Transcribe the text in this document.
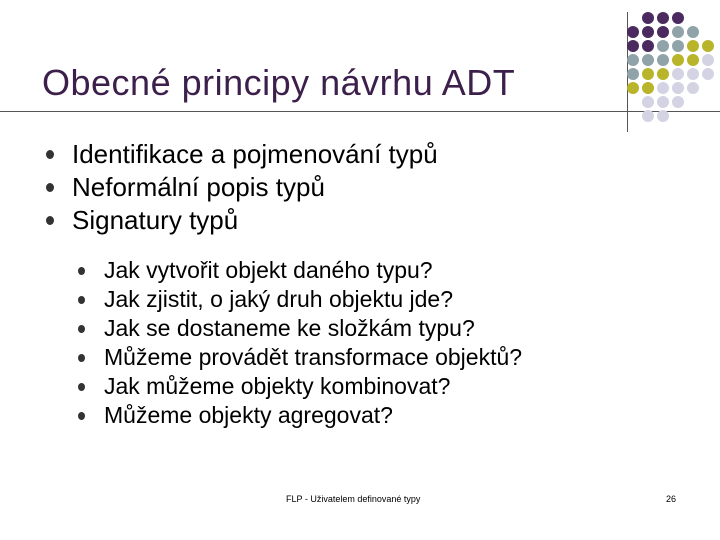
Obecné principy návrhu ADT
Identifikace a pojmenování typů
Neformální popis typů
Signatury typů
Jak vytvořit objekt daného typu?
Jak zjistit, o jaký druh objektu jde?
Jak se dostaneme ke složkám typu?
Můžeme provádět transformace objektů?
Jak můžeme objekty kombinovat?
Můžeme objekty agregovat?
FLP - Uživatelem definované typy	26
